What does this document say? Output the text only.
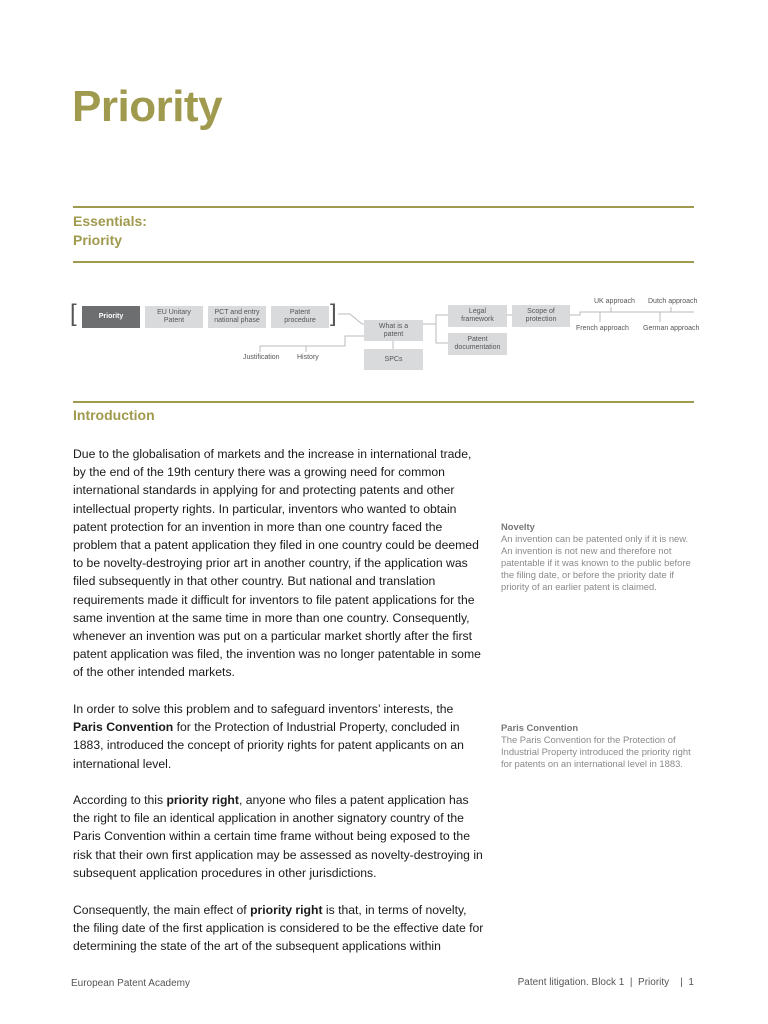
Priority
Essentials:
Priority
[	]
Priority
EU Unitary Patent
PCT and entry national phase
Patent procedure
What is a patent
SPCs
Legal framework
Scope of protection
Patent documentation
Justification History
UK approach Dutch approach
French approach German approach
Introduction

Due to the globalisation of markets and the increase in international trade, by the end of the 19th century there was a growing need for common international standards in applying for and protecting patents and other intellectual property rights. In particular, inventors who wanted to obtain patent protection for an invention in more than one country faced the problem that a patent application they filed in one country could be deemed to be novelty-destroying prior art in another country, if the application was filed subsequently in that other country. But national and translation requirements made it difficult for inventors to file patent applications for the same invention at the same time in more than one country. Consequently, whenever an invention was put on a particular market shortly after the first patent application was filed, the invention was no longer patentable in some of the other intended markets.

In order to solve this problem and to safeguard inventors’ interests, the Paris Convention for the Protection of Industrial Property, concluded in 1883, introduced the concept of priority rights for patent applicants on an international level.

According to this priority right, anyone who files a patent application has the right to file an identical application in another signatory country of the Paris Convention within a certain time frame without being exposed to the risk that their own first application may be assessed as novelty-destroying in subsequent application procedures in other jurisdictions.

Consequently, the main effect of priority right is that, in terms of novelty, the filing date of the first application is considered to be the effective date for determining the state of the art of the subsequent applications within

Novelty
An invention can be patented only if it is new. An invention is not new and therefore not patentable if it was known to the public before the filing date, or before the priority date if priority of an earlier patent is claimed.
Paris Convention
The Paris Convention for the Protection of Industrial Property introduced the priority right for patents on an international level in 1883.
European Patent Academy	Patent litigation. Block 1  |  Priority    |  1
